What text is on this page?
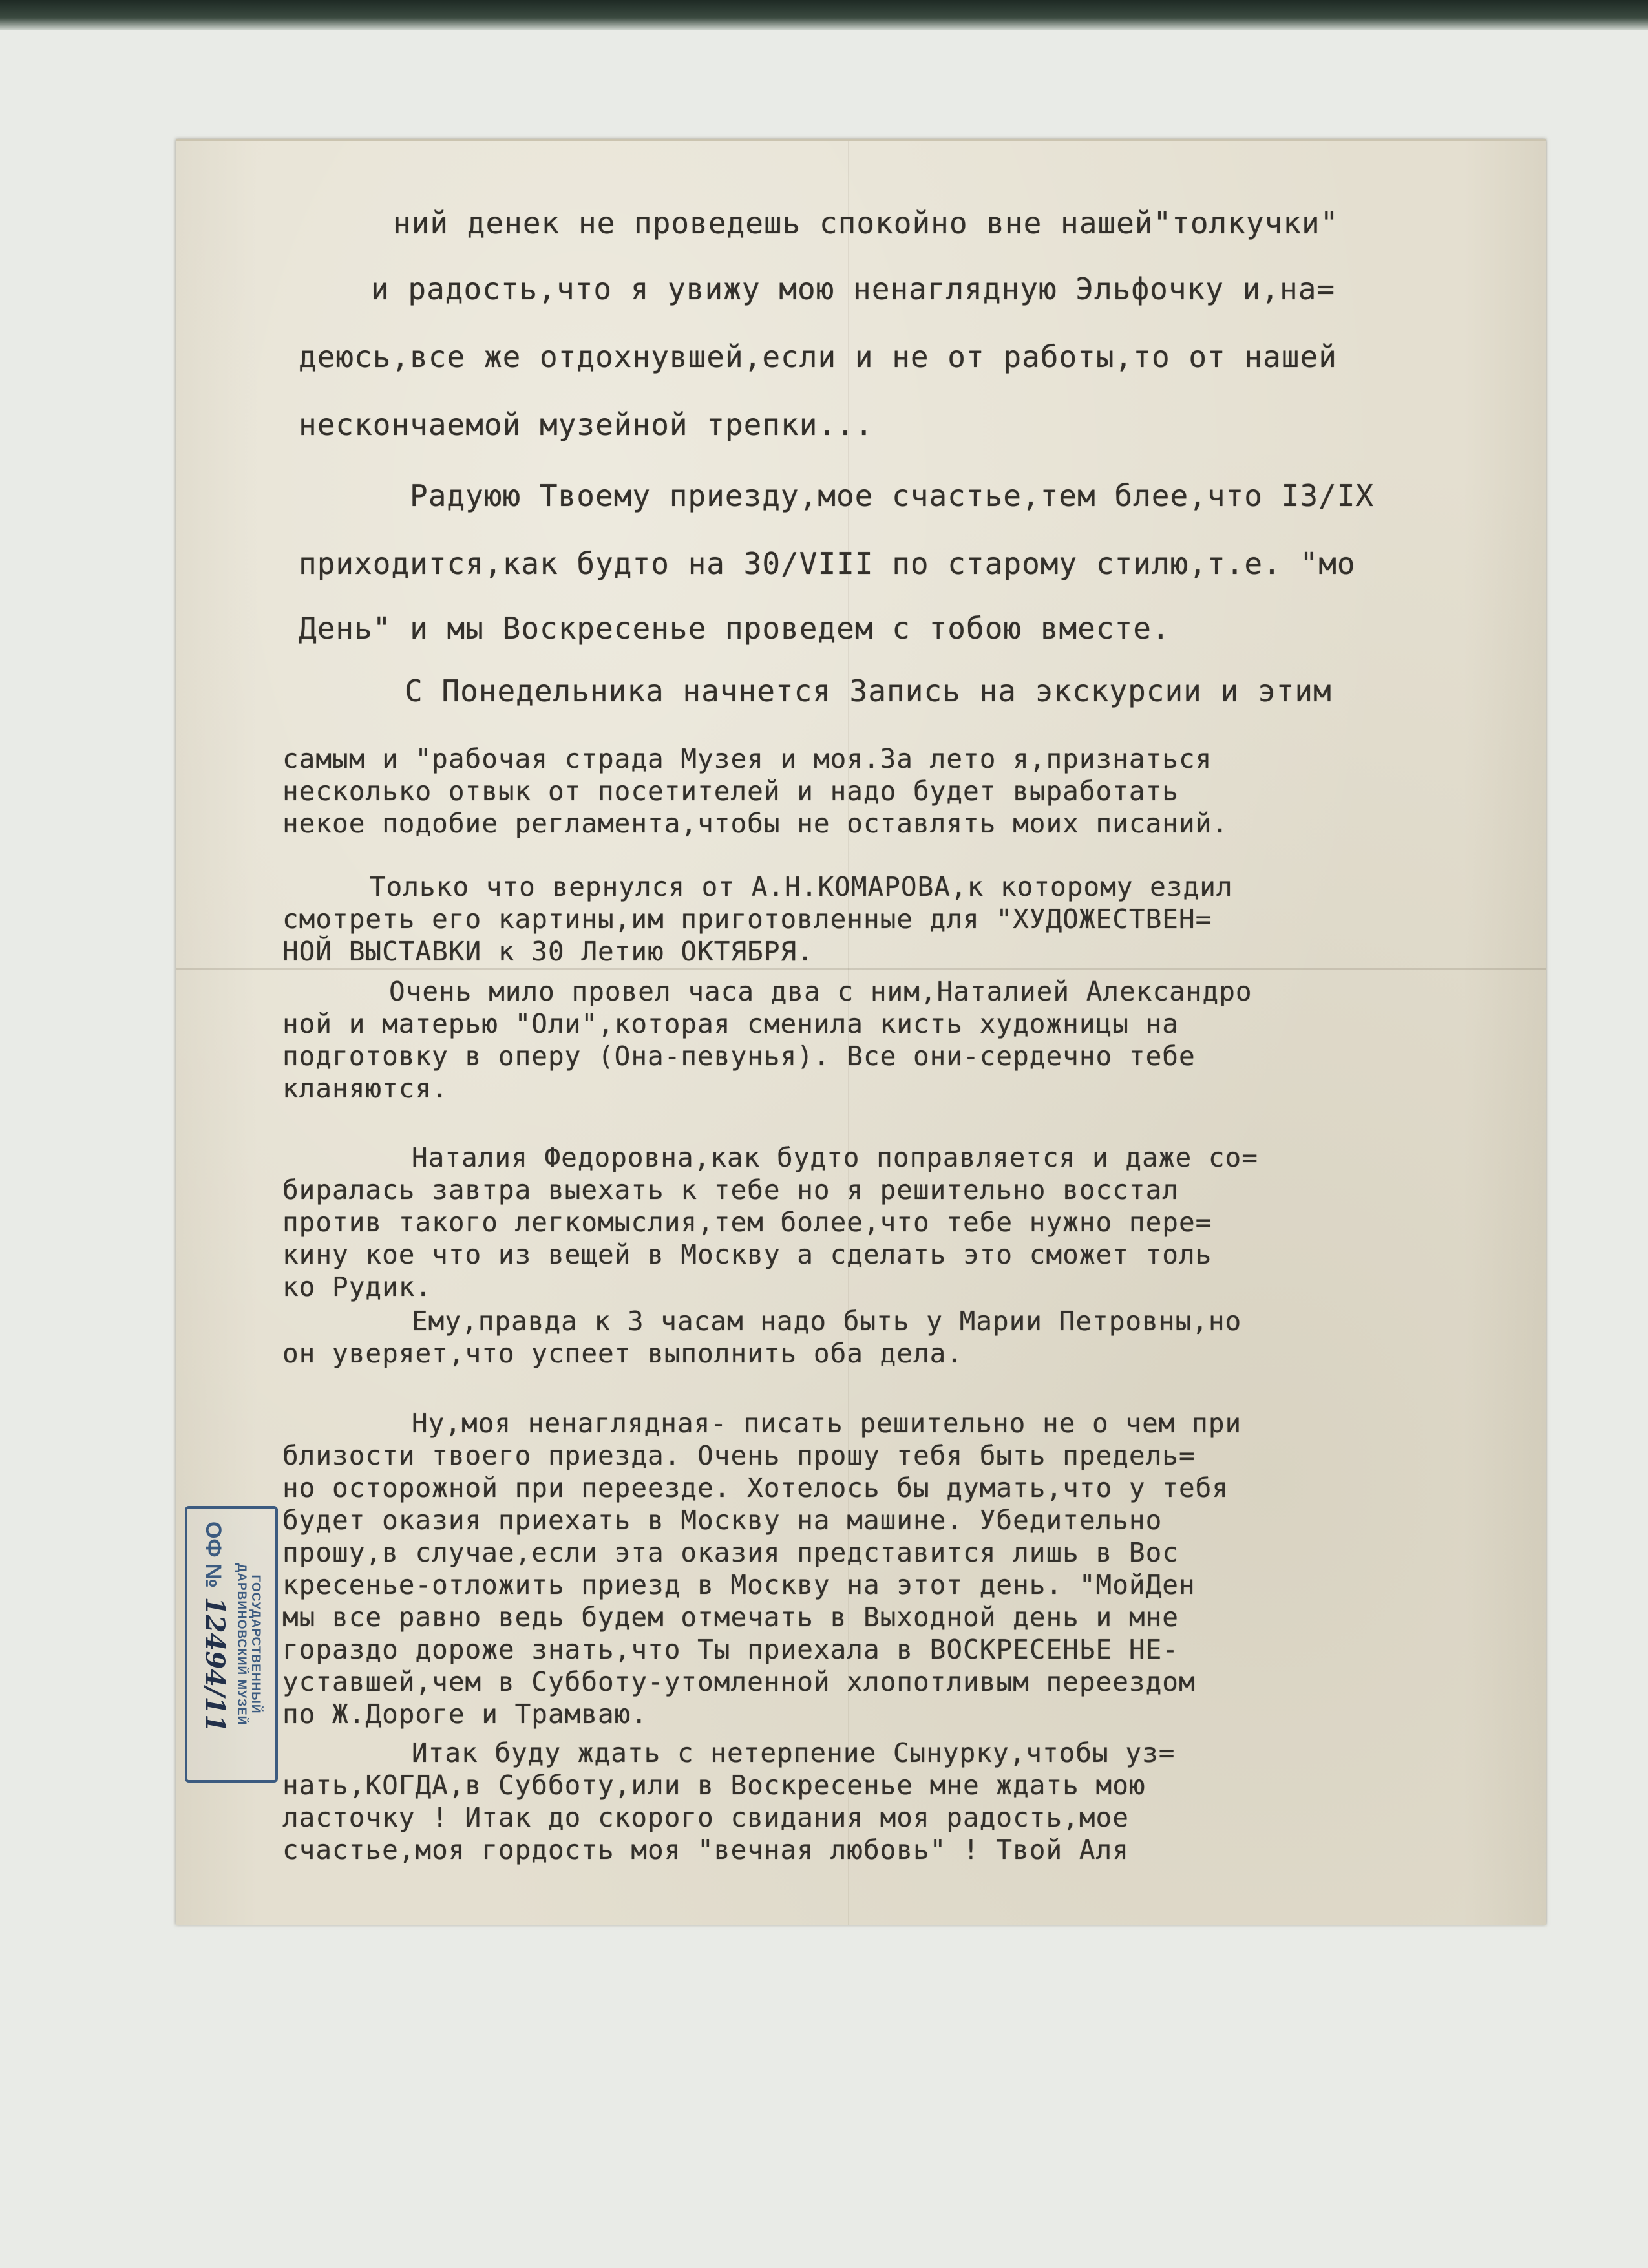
ний денек не проведешь спокойно вне нашей"толкучки"
и радость,что я увижу мою ненаглядную Эльфочку и,на=
деюсь,все же отдохнувшей,если и не от работы,то от нашей
нескончаемой музейной трепки...
Радуюю Твоему приезду,мое счастье,тем блее,что I3/IX
приходится,как будто на 30/VIII по старому стилю,т.е. "мо
День" и мы Воскресенье проведем с тобою вместе.
С Понедельника начнется Запись на экскурсии и этим
самым и "рабочая страда Музея и моя.За лето я,признаться
несколько отвык от посетителей и надо будет выработать
некое подобие регламента,чтобы не оставлять моих писаний.
Только что вернулся от А.Н.КОМАРОВА,к которому ездил
смотреть его картины,им приготовленные для "ХУДОЖЕСТВЕН=
НОЙ ВЫСТАВКИ к 30 Летию ОКТЯБРЯ.
Очень мило провел часа два с ним,Наталией Александро
ной и матерью "Оли",которая сменила кисть художницы на
подготовку в оперу (Она-певунья). Все они-сердечно тебе
кланяются.
Наталия Федоровна,как будто поправляется и даже со=
биралась завтра выехать к тебе но я решительно восстал
против такого легкомыслия,тем более,что тебе нужно пере=
кину кое что из вещей в Москву а сделать это сможет толь
ко Рудик.
Ему,правда к 3 часам надо быть у Марии Петровны,но
он уверяет,что успеет выполнить оба дела.
Ну,моя ненаглядная- писать решительно не о чем при
близости твоего приезда. Очень прошу тебя быть предель=
но осторожной при переезде. Хотелось бы думать,что у тебя
будет оказия приехать в Москву на машине. Убедительно
прошу,в случае,если эта оказия представится лишь в Вос
кресенье-отложить приезд в Москву на этот день. "МойДен
мы все равно ведь будем отмечать в Выходной день и мне
гораздо дороже знать,что Ты приехала в ВОСКРЕСЕНЬЕ НЕ-
уставшей,чем в Субботу-утомленной хлопотливым переездом
по Ж.Дороге и Трамваю.
Итак буду ждать с нетерпение Сынурку,чтобы уз=
нать,КОГДА,в Субботу,или в Воскресенье мне ждать мою
ласточку ! Итак до скорого свидания моя радость,мое
счастье,моя гордость моя "вечная любовь" ! Твой Аля
ГОСУДАРСТВЕННЫЙ
ДАРВИНОВСКИЙ МУЗЕЙ
ОФ №12494/11
